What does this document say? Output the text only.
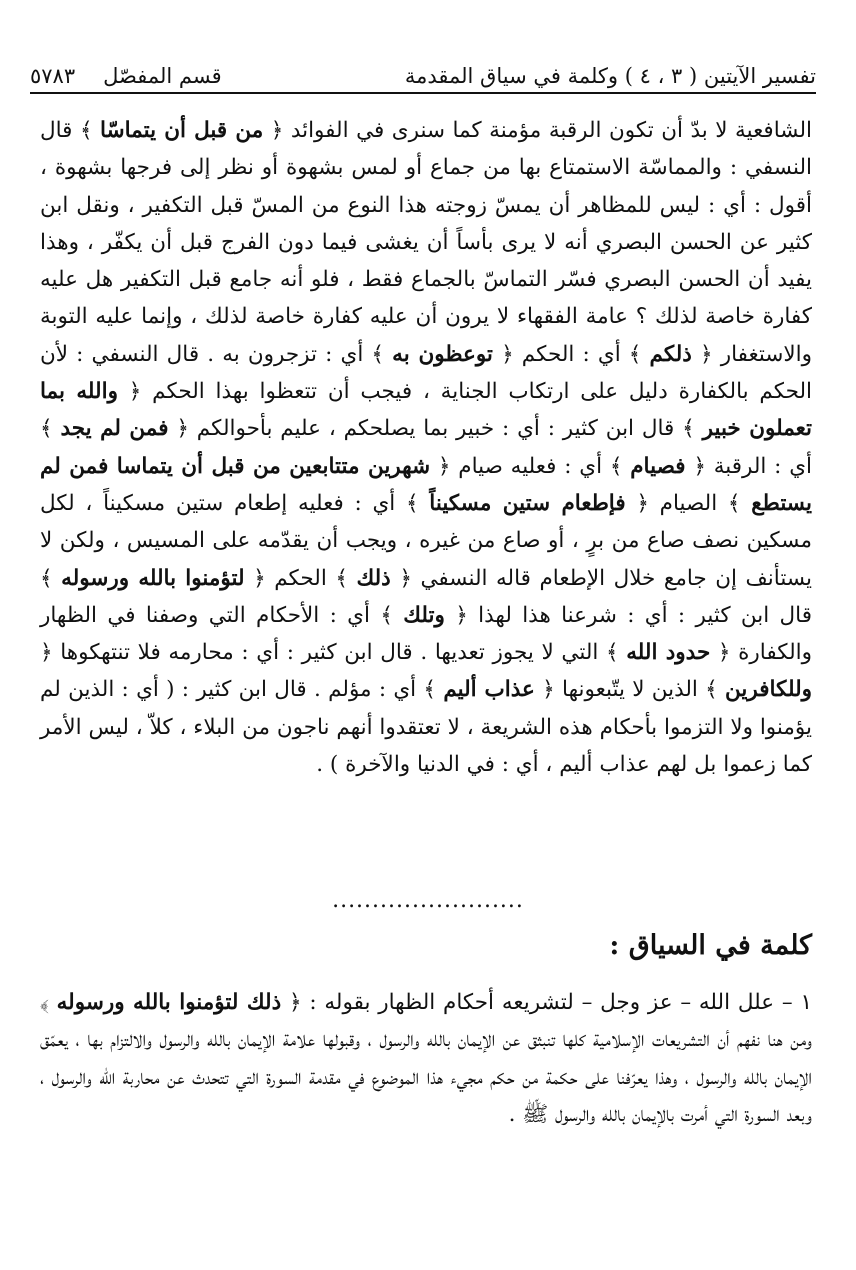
تفسير الآيتين ( ٣ ، ٤ ) وكلمة في سياق المقدمة
قسم المفصّل
٥٧٨٣

الشافعية لا بدّ أن تكون الرقبة مؤمنة كما سنرى في الفوائد ﴿ من قبل أن يتماسّا ﴾ قال النسفي : والمماسّة الاستمتاع بها من جماع أو لمس بشهوة أو نظر إلى فرجها بشهوة ، أقول : أي : ليس للمظاهر أن يمسّ زوجته هذا النوع من المسّ قبل التكفير ، ونقل ابن كثير عن الحسن البصري أنه لا يرى بأساً أن يغشى فيما دون الفرج قبل أن يكفّر ، وهذا يفيد أن الحسن البصري فسّر التماسّ بالجماع فقط ، فلو أنه جامع قبل التكفير هل عليه كفارة خاصة لذلك ؟ عامة الفقهاء لا يرون أن عليه كفارة خاصة لذلك ، وإنما عليه التوبة والاستغفار ﴿ ذلكم ﴾ أي : الحكم ﴿ توعظون به ﴾ أي : تزجرون به . قال النسفي : لأن الحكم بالكفارة دليل على ارتكاب الجناية ، فيجب أن تتعظوا بهذا الحكم ﴿ والله بما تعملون خبير ﴾ قال ابن كثير : أي : خبير بما يصلحكم ، عليم بأحوالكم ﴿ فمن لم يجد ﴾ أي : الرقبة ﴿ فصيام ﴾ أي : فعليه صيام ﴿ شهرين متتابعين من قبل أن يتماسا فمن لم يستطع ﴾ الصيام ﴿ فإطعام ستين مسكيناً ﴾ أي : فعليه إطعام ستين مسكيناً ، لكل مسكين نصف صاع من برٍ ، أو صاع من غيره ، ويجب أن يقدّمه على المسيس ، ولكن لا يستأنف إن جامع خلال الإطعام قاله النسفي ﴿ ذلك ﴾ الحكم ﴿ لتؤمنوا بالله ورسوله ﴾ قال ابن كثير : أي : شرعنا هذا لهذا ﴿ وتلك ﴾ أي : الأحكام التي وصفنا في الظهار والكفارة ﴿ حدود الله ﴾ التي لا يجوز تعديها . قال ابن كثير : أي : محارمه فلا تنتهكوها ﴿ وللكافرين ﴾ الذين لا يتّبعونها ﴿ عذاب أليم ﴾ أي : مؤلم . قال ابن كثير : ( أي : الذين لم يؤمنوا ولا التزموا بأحكام هذه الشريعة ، لا تعتقدوا أنهم ناجون من البلاء ، كلاّ ، ليس الأمر كما زعموا بل لهم عذاب أليم ، أي : في الدنيا والآخرة ) .

........................
كلمة في السياق :

١ – علل الله – عز وجل – لتشريعه أحكام الظهار بقوله : ﴿ ذلك لتؤمنوا بالله ورسوله ﴾ ومن هنا نفهم أن التشريعات الإسلامية كلها تنبثق عن الإيمان بالله والرسول ، وقبولها علامة الإيمان بالله والرسول والالتزام بها ، يعمّق الإيمان بالله والرسول ، وهذا يعرّفنا على حكمة من حكم مجيء هذا الموضوع في مقدمة السورة التي تتحدث عن محاربة الله والرسول ، وبعد السورة التي أمرت بالإيمان بالله والرسول ﷺ .
